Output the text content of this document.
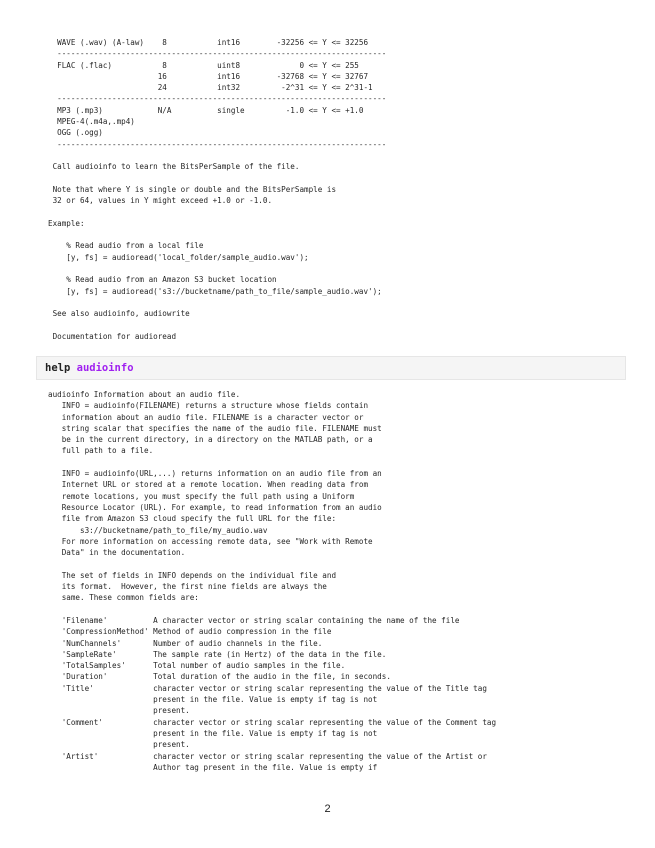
WAVE (.wav) (A-law)    8           int16        -32256 <= Y <= 32256
------------------------------------------------------------------------
FLAC (.flac)           8           uint8             0 <= Y <= 255
16           int16        -32768 <= Y <= 32767
24           int32         -2^31 <= Y <= 2^31-1
------------------------------------------------------------------------
MP3 (.mp3)            N/A          single         -1.0 <= Y <= +1.0
MPEG-4(.m4a,.mp4)
OGG (.ogg)
------------------------------------------------------------------------

Call audioinfo to learn the BitsPerSample of the file.

Note that where Y is single or double and the BitsPerSample is
32 or 64, values in Y might exceed +1.0 or -1.0.

Example:

% Read audio from a local file
[y, fs] = audioread('local_folder/sample_audio.wav');

% Read audio from an Amazon S3 bucket location
[y, fs] = audioread('s3://bucketname/path_to_file/sample_audio.wav');

See also audioinfo, audiowrite

Documentation for audioread
help audioinfo
audioinfo Information about an audio file.
INFO = audioinfo(FILENAME) returns a structure whose fields contain
information about an audio file. FILENAME is a character vector or
string scalar that specifies the name of the audio file. FILENAME must
be in the current directory, in a directory on the MATLAB path, or a
full path to a file.

INFO = audioinfo(URL,...) returns information on an audio file from an
Internet URL or stored at a remote location. When reading data from
remote locations, you must specify the full path using a Uniform
Resource Locator (URL). For example, to read information from an audio
file from Amazon S3 cloud specify the full URL for the file:
s3://bucketname/path_to_file/my_audio.wav
For more information on accessing remote data, see "Work with Remote
Data" in the documentation.

The set of fields in INFO depends on the individual file and
its format.  However, the first nine fields are always the
same. These common fields are:

'Filename'          A character vector or string scalar containing the name of the file
'CompressionMethod' Method of audio compression in the file
'NumChannels'       Number of audio channels in the file.
'SampleRate'        The sample rate (in Hertz) of the data in the file.
'TotalSamples'      Total number of audio samples in the file.
'Duration'          Total duration of the audio in the file, in seconds.
'Title'             character vector or string scalar representing the value of the Title tag
present in the file. Value is empty if tag is not
present.
'Comment'           character vector or string scalar representing the value of the Comment tag
present in the file. Value is empty if tag is not
present.
'Artist'            character vector or string scalar representing the value of the Artist or
Author tag present in the file. Value is empty if
2
